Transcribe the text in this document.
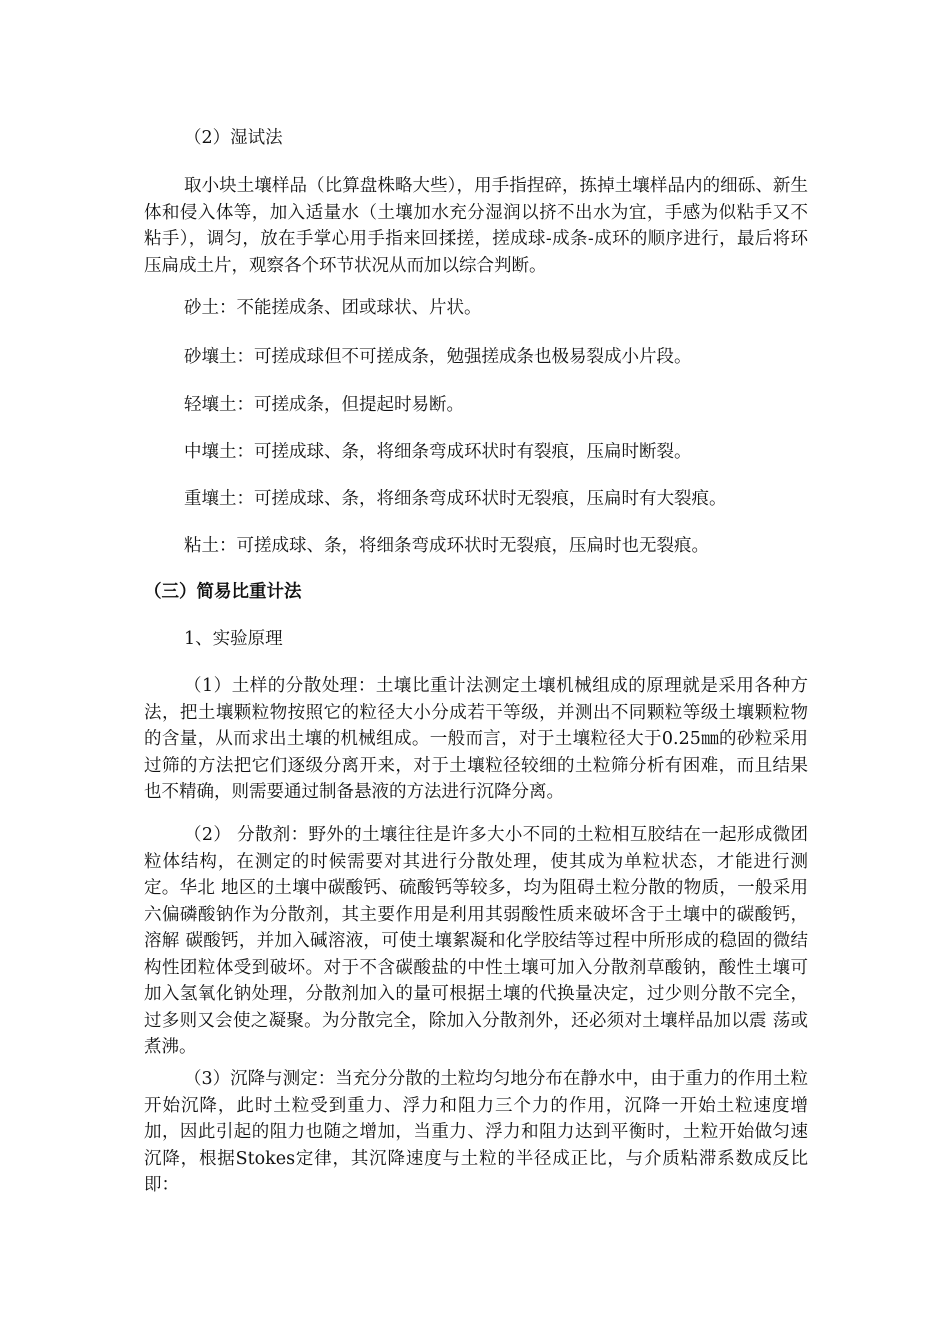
（2）湿试法
取小块土壤样品（比算盘株略大些），用手指捏碎，拣掉土壤样品内的细砾、新生体和侵入体等，加入适量水（土壤加水充分湿润以挤不出水为宜，手感为似粘手又不粘手），调匀，放在手掌心用手指来回揉搓，搓成球-成条-成环的顺序进行，最后将环压扁成土片，观察各个环节状况从而加以综合判断。
砂土：不能搓成条、团或球状、片状。
砂壤土：可搓成球但不可搓成条，勉强搓成条也极易裂成小片段。
轻壤土：可搓成条，但提起时易断。
中壤土：可搓成球、条，将细条弯成环状时有裂痕，压扁时断裂。
重壤土：可搓成球、条，将细条弯成环状时无裂痕，压扁时有大裂痕。
粘土：可搓成球、条，将细条弯成环状时无裂痕，压扁时也无裂痕。
（三）简易比重计法
1、实验原理
（1）土样的分散处理：土壤比重计法测定土壤机械组成的原理就是采用各种方法，把土壤颗粒物按照它的粒径大小分成若干等级，并测出不同颗粒等级土壤颗粒物的含量，从而求出土壤的机械组成。一般而言，对于土壤粒径大于0.25㎜的砂粒采用过筛的方法把它们逐级分离开来，对于土壤粒径较细的土粒筛分析有困难，而且结果也不精确，则需要通过制备悬液的方法进行沉降分离。
（2） 分散剂：野外的土壤往往是许多大小不同的土粒相互胶结在一起形成微团粒体结构，在测定的时候需要对其进行分散处理，使其成为单粒状态，才能进行测定。华北 地区的土壤中碳酸钙、硫酸钙等较多，均为阻碍土粒分散的物质，一般采用六偏磷酸钠作为分散剂，其主要作用是利用其弱酸性质来破坏含于土壤中的碳酸钙，溶解 碳酸钙，并加入碱溶液，可使土壤絮凝和化学胶结等过程中所形成的稳固的微结构性团粒体受到破坏。对于不含碳酸盐的中性土壤可加入分散剂草酸钠，酸性土壤可 加入氢氧化钠处理，分散剂加入的量可根据土壤的代换量决定，过少则分散不完全，过多则又会使之凝聚。为分散完全，除加入分散剂外，还必须对土壤样品加以震 荡或煮沸。
（3）沉降与测定：当充分分散的土粒均匀地分布在静水中，由于重力的作用土粒开始沉降，此时土粒受到重力、浮力和阻力三个力的作用，沉降一开始土粒速度增加，因此引起的阻力也随之增加，当重力、浮力和阻力达到平衡时，土粒开始做匀速沉降，根据Stokes定律，其沉降速度与土粒的半径成正比，与介质粘滞系数成反比即：
